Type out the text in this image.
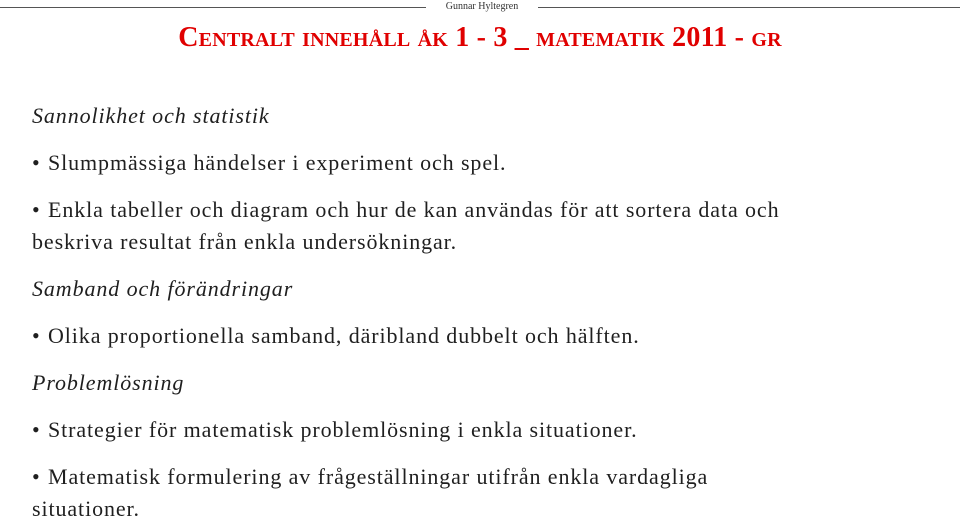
Gunnar Hyltegren
Centralt innehåll åk 1 - 3 _ matematik 2011 - gr

Sannolikhet och statistik

• Slumpmässiga händelser i experiment och spel.

• Enkla tabeller och diagram och hur de kan användas för att sortera data och

beskriva resultat från enkla undersökningar.

Samband och förändringar

• Olika proportionella samband, däribland dubbelt och hälften.

Problemlösning

• Strategier för matematisk problemlösning i enkla situationer.

• Matematisk formulering av frågeställningar utifrån enkla vardagliga

situationer.
